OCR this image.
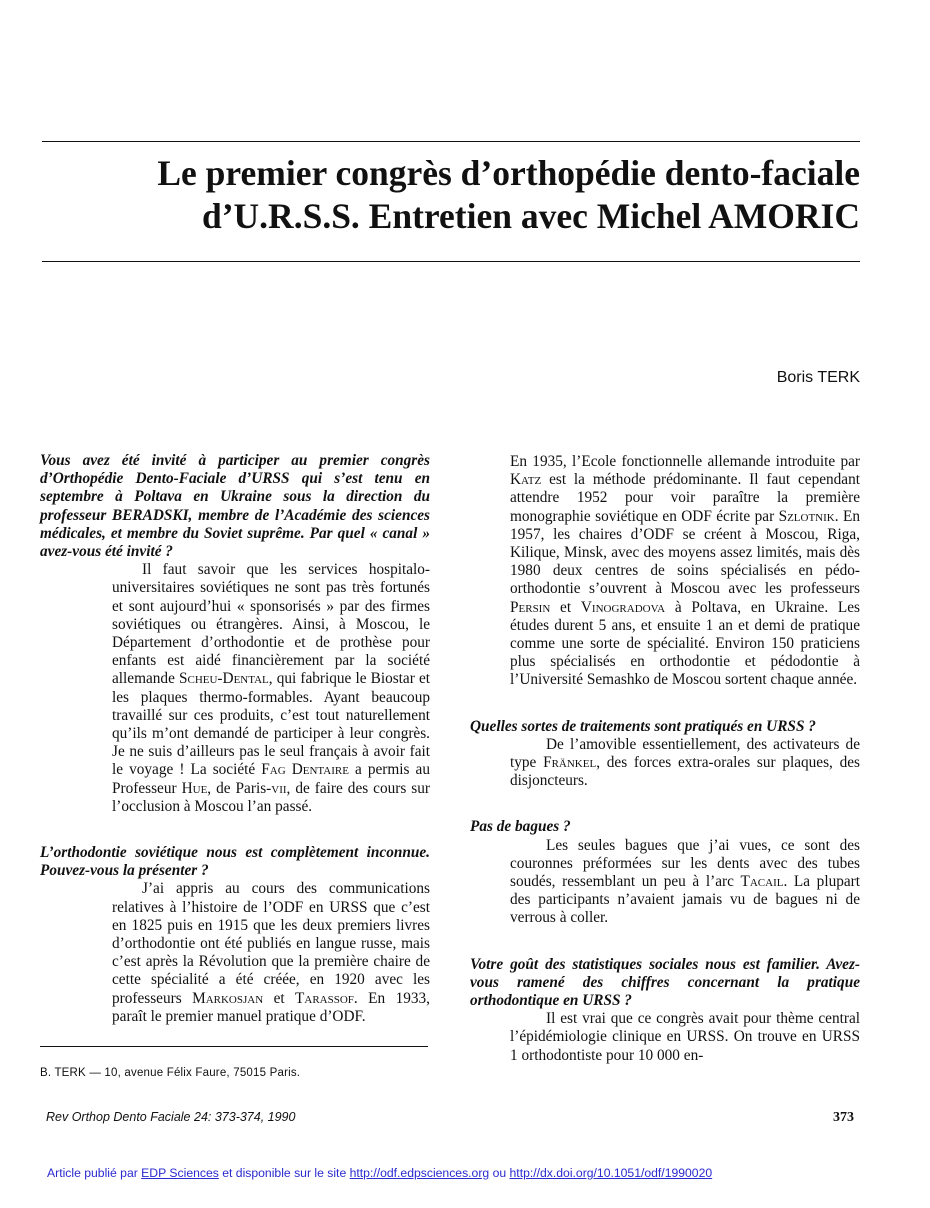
Le premier congrès d’orthopédie dento-faciale
d’U.R.S.S. Entretien avec Michel AMORIC
Boris TERK

Vous avez été invité à participer au premier congrès d’Orthopédie Dento-Faciale d’URSS qui s’est tenu en septembre à Poltava en Ukraine sous la direction du professeur BERADSKI, membre de l’Académie des sciences médicales, et membre du Soviet suprême. Par quel « canal » avez-vous été invité ?

Il faut savoir que les services hospitalo-universitaires soviétiques ne sont pas très fortunés et sont aujourd’hui « sponsorisés » par des firmes soviétiques ou étrangères. Ainsi, à Moscou, le Département d’orthodontie et de prothèse pour enfants est aidé financièrement par la société allemande Scheu-Dental, qui fabrique le Biostar et les plaques thermo-formables. Ayant beaucoup travaillé sur ces produits, c’est tout naturellement qu’ils m’ont demandé de participer à leur congrès. Je ne suis d’ailleurs pas le seul français à avoir fait le voyage ! La société Fag Dentaire a permis au Professeur Hue, de Paris-vii, de faire des cours sur l’occlusion à Moscou l’an passé.

L’orthodontie soviétique nous est complètement inconnue. Pouvez-vous la présenter ?

J’ai appris au cours des communications relatives à l’histoire de l’ODF en URSS que c’est en 1825 puis en 1915 que les deux premiers livres d’orthodontie ont été publiés en langue russe, mais c’est après la Révolution que la première chaire de cette spécialité a été créée, en 1920 avec les professeurs Markosjan et Tarassof. En 1933, paraît le premier manuel pratique d’ODF.

En 1935, l’Ecole fonctionnelle allemande introduite par Katz est la méthode prédominante. Il faut cependant attendre 1952 pour voir paraître la première monographie soviétique en ODF écrite par Szlotnik. En 1957, les chaires d’ODF se créent à Moscou, Riga, Kilique, Minsk, avec des moyens assez limités, mais dès 1980 deux centres de soins spécialisés en pédo-orthodontie s’ouvrent à Moscou avec les professeurs Persin et Vinogradova à Poltava, en Ukraine. Les études durent 5 ans, et ensuite 1 an et demi de pratique comme une sorte de spécialité. Environ 150 praticiens plus spécialisés en orthodontie et pédodontie à l’Université Semashko de Moscou sortent chaque année.

Quelles sortes de traitements sont pratiqués en URSS ?

De l’amovible essentiellement, des activateurs de type Fränkel, des forces extra-orales sur plaques, des disjoncteurs.

Pas de bagues ?

Les seules bagues que j’ai vues, ce sont des couronnes préformées sur les dents avec des tubes soudés, ressemblant un peu à l’arc Tacail. La plupart des participants n’avaient jamais vu de bagues ni de verrous à coller.

Votre goût des statistiques sociales nous est familier. Avez-vous ramené des chiffres concernant la pratique orthodontique en URSS ?

Il est vrai que ce congrès avait pour thème central l’épidémiologie clinique en URSS. On trouve en URSS 1 orthodontiste pour 10 000 en-

B. TERK — 10, avenue Félix Faure, 75015 Paris.
Rev Orthop Dento Faciale 24: 373-374, 1990	373
Article publié par EDP Sciences et disponible sur le site http://odf.edpsciences.org ou http://dx.doi.org/10.1051/odf/1990020
